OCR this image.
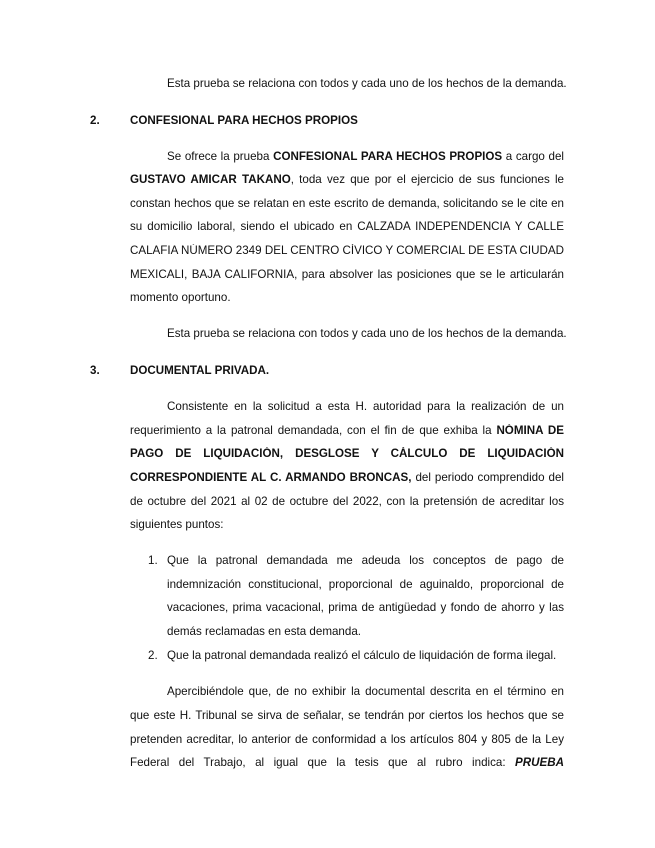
Esta prueba se relaciona con todos y cada uno de los hechos de la demanda.
2.	CONFESIONAL PARA HECHOS PROPIOS
Se ofrece la prueba CONFESIONAL PARA HECHOS PROPIOS a cargo del
GUSTAVO AMICAR TAKANO, toda vez que por el ejercicio de sus funciones le
constan hechos que se relatan en este escrito de demanda, solicitando se le cite en
su domicilio laboral, siendo el ubicado en CALZADA INDEPENDENCIA Y CALLE
CALAFIA NÚMERO 2349 DEL CENTRO CÍVICO Y COMERCIAL DE ESTA CIUDAD
MEXICALI, BAJA CALIFORNIA, para absolver las posiciones que se le articularán
momento oportuno.
Esta prueba se relaciona con todos y cada uno de los hechos de la demanda.
3.	DOCUMENTAL PRIVADA.
Consistente en la solicitud a esta H. autoridad para la realización de un
requerimiento a la patronal demandada, con el fin de que exhiba la NÓMINA DE
PAGO DE LIQUIDACIÓN, DESGLOSE Y CÁLCULO DE LIQUIDACIÓN
CORRESPONDIENTE AL C. ARMANDO BRONCAS, del periodo comprendido del
de octubre del 2021 al 02 de octubre del 2022, con la pretensión de acreditar los
siguientes puntos:
1. Que la patronal demandada me adeuda los conceptos de pago de
indemnización constitucional, proporcional de aguinaldo, proporcional de
vacaciones, prima vacacional, prima de antigüedad y fondo de ahorro y las
demás reclamadas en esta demanda.
2. Que la patronal demandada realizó el cálculo de liquidación de forma ilegal.
Apercibiéndole que, de no exhibir la documental descrita en el término en
que este H. Tribunal se sirva de señalar, se tendrán por ciertos los hechos que se
pretenden acreditar, lo anterior de conformidad a los artículos 804 y 805 de la Ley
Federal del Trabajo, al igual que la tesis que al rubro indica: PRUEBA
